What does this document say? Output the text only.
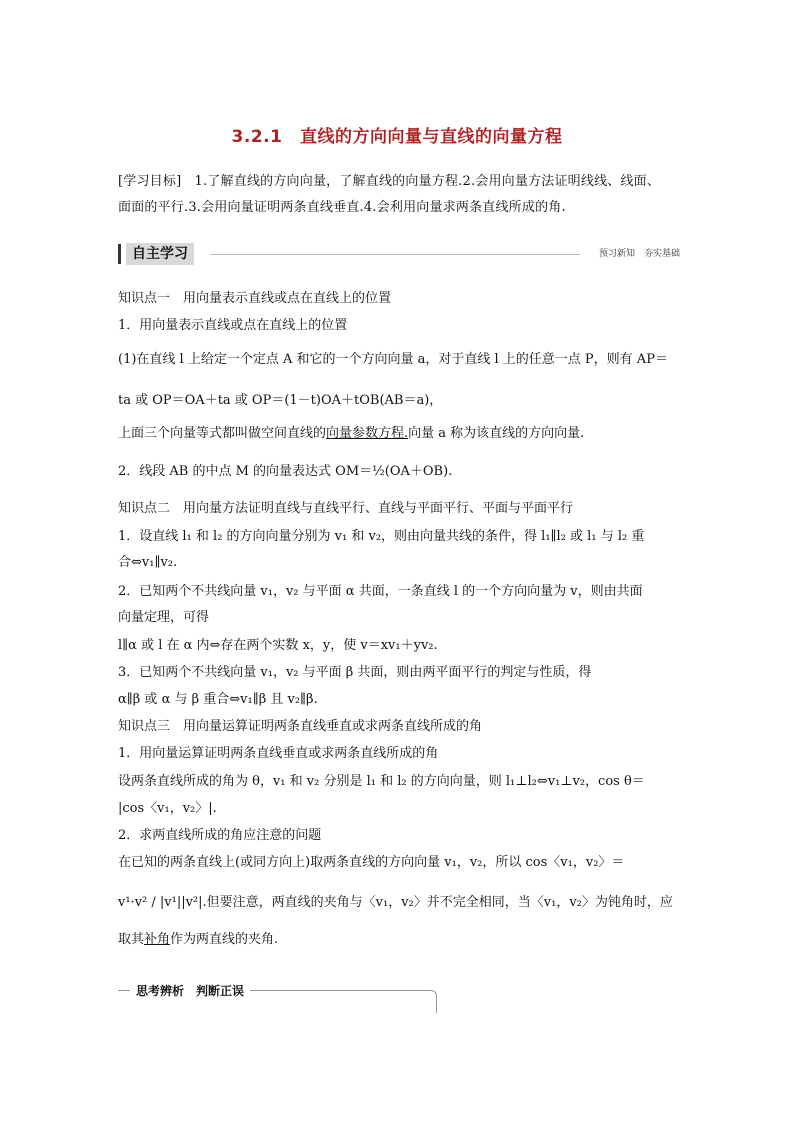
3.2.1　直线的方向向量与直线的向量方程
[学习目标]　1.了解直线的方向向量，了解直线的向量方程.2.会用向量方法证明线线、线面、
面面的平行.3.会用向量证明两条直线垂直.4.会利用向量求两条直线所成的角.
自主学习	预习新知　夯实基础
知识点一　用向量表示直线或点在直线上的位置
1．用向量表示直线或点在直线上的位置
(1)在直线 l 上给定一个定点 A 和它的一个方向向量 a，对于直线 l 上的任意一点 P，则有 AP＝
ta 或 OP＝OA＋ta 或 OP＝(1－t)OA＋tOB(AB＝a)，
上面三个向量等式都叫做空间直线的向量参数方程.向量 a 称为该直线的方向向量.
2．线段 AB 的中点 M 的向量表达式 OM＝½(OA＋OB).
知识点二　用向量方法证明直线与直线平行、直线与平面平行、平面与平面平行
1．设直线 l₁ 和 l₂ 的方向向量分别为 v₁ 和 v₂，则由向量共线的条件，得 l₁∥l₂ 或 l₁ 与 l₂ 重
合⇔v₁∥v₂.
2．已知两个不共线向量 v₁，v₂ 与平面 α 共面，一条直线 l 的一个方向向量为 v，则由共面
向量定理，可得
l∥α 或 l 在 α 内⇔存在两个实数 x，y，使 v＝xv₁＋yv₂.
3．已知两个不共线向量 v₁，v₂ 与平面 β 共面，则由两平面平行的判定与性质，得
α∥β 或 α 与 β 重合⇔v₁∥β 且 v₂∥β.
知识点三　用向量运算证明两条直线垂直或求两条直线所成的角
1．用向量运算证明两条直线垂直或求两条直线所成的角
设两条直线所成的角为 θ，v₁ 和 v₂ 分别是 l₁ 和 l₂ 的方向向量，则 l₁⊥l₂⇔v₁⊥v₂，cos θ＝
|cos〈v₁，v₂〉|.
2．求两直线所成的角应注意的问题
在已知的两条直线上(或同方向上)取两条直线的方向向量 v₁，v₂，所以 cos〈v₁，v₂〉＝
v¹·v² / |v¹||v²|.但要注意，两直线的夹角与〈v₁，v₂〉并不完全相同，当〈v₁，v₂〉为钝角时，应
取其补角作为两直线的夹角.
思考辨析　判断正误
